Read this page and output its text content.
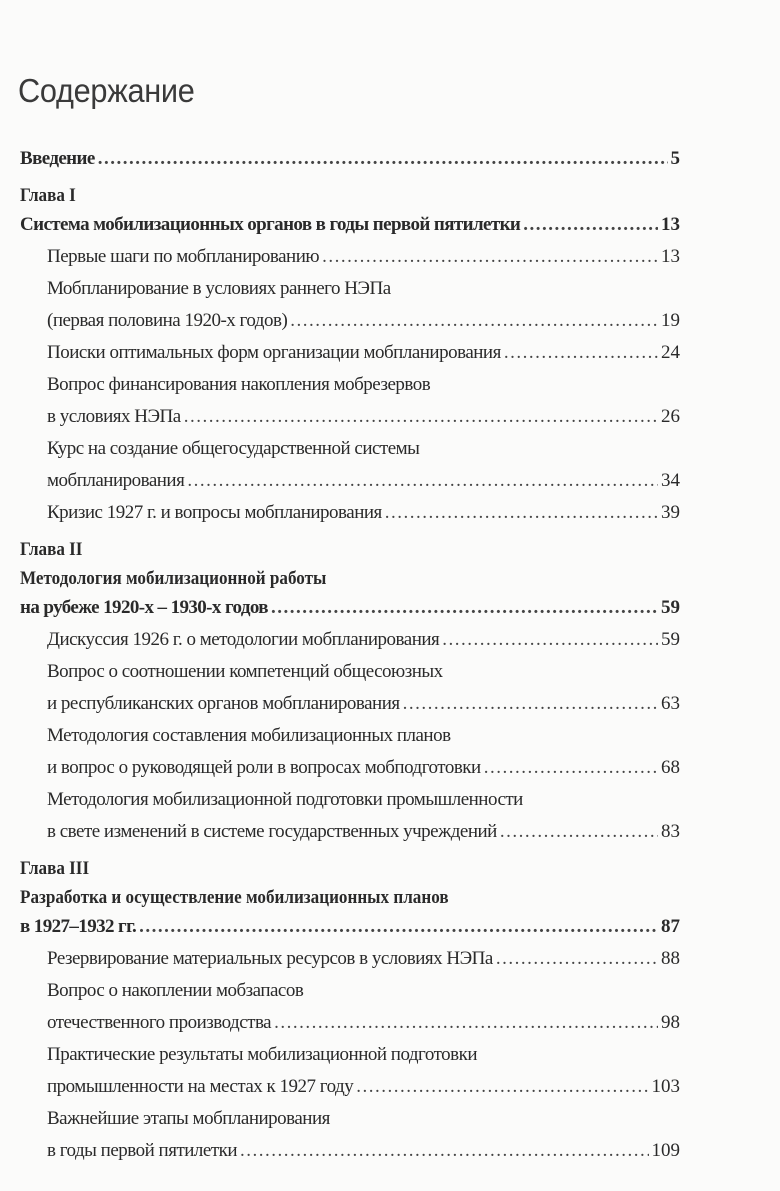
Содержание
Введение .....	5
Глава I
Система мобилизационных органов в годы первой пятилетки .....	13
Первые шаги по мобпланированию .....	13
Мобпланирование в условиях раннего НЭПа
(первая половина 1920-х годов) .....	19
Поиски оптимальных форм организации мобпланирования .....	24
Вопрос финансирования накопления мобрезервов
в условиях НЭПа .....	26
Курс на создание общегосударственной системы
мобпланирования .....	34
Кризис 1927 г. и вопросы мобпланирования .....	39
Глава II
Методология мобилизационной работы
на рубеже 1920-х – 1930-х годов .....	59
Дискуссия 1926 г. о методологии мобпланирования .....	59
Вопрос о соотношении компетенций общесоюзных
и республиканских органов мобпланирования .....	63
Методология составления мобилизационных планов
и вопрос о руководящей роли в вопросах мобподготовки .....	68
Методология мобилизационной подготовки промышленности
в свете изменений в системе государственных учреждений .....	83
Глава III
Разработка и осуществление мобилизационных планов
в 1927–1932 гг. .....	87
Резервирование материальных ресурсов в условиях НЭПа .....	88
Вопрос о накоплении мобзапасов
отечественного производства .....	98
Практические результаты мобилизационной подготовки
промышленности на местах к 1927 году .....	103
Важнейшие этапы мобпланирования
в годы первой пятилетки .....	109
